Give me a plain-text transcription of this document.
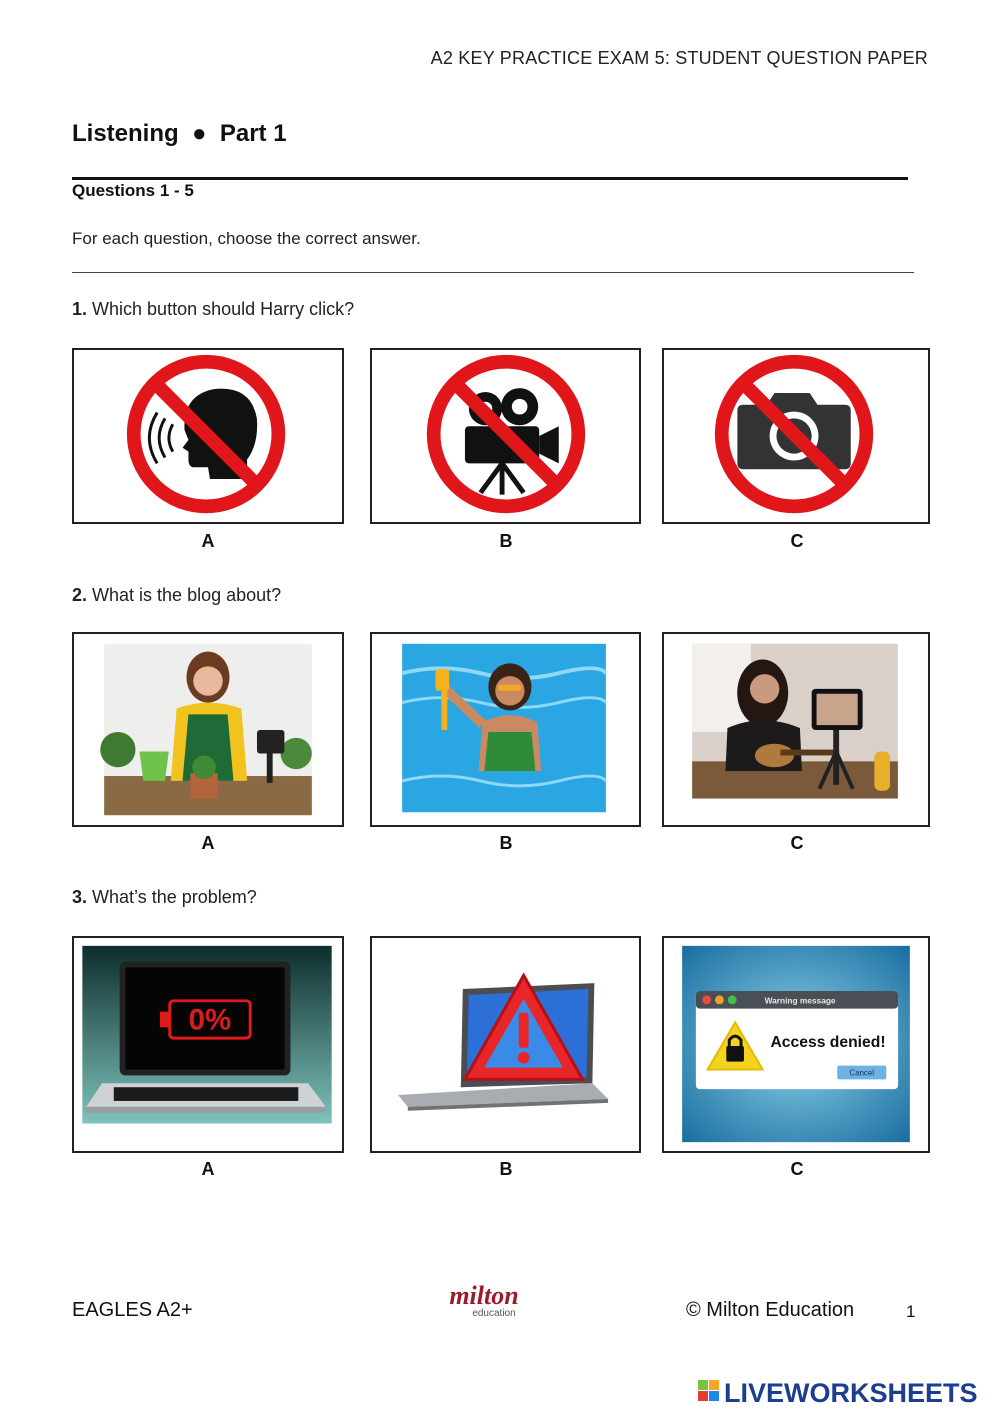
A2 KEY PRACTICE EXAM 5: STUDENT QUESTION PAPER
Listening  ●  Part 1
Questions 1 - 5
For each question, choose the correct answer.
1. Which button should Harry click?
A	B	C
2. What is the blog about?
A	B	C
3. What’s the problem?
0%
A	B
Warning message
Access denied!
Cancel
C
EAGLES A2+	milton
education	© Milton Education	1
LIVEWORKSHEETS
